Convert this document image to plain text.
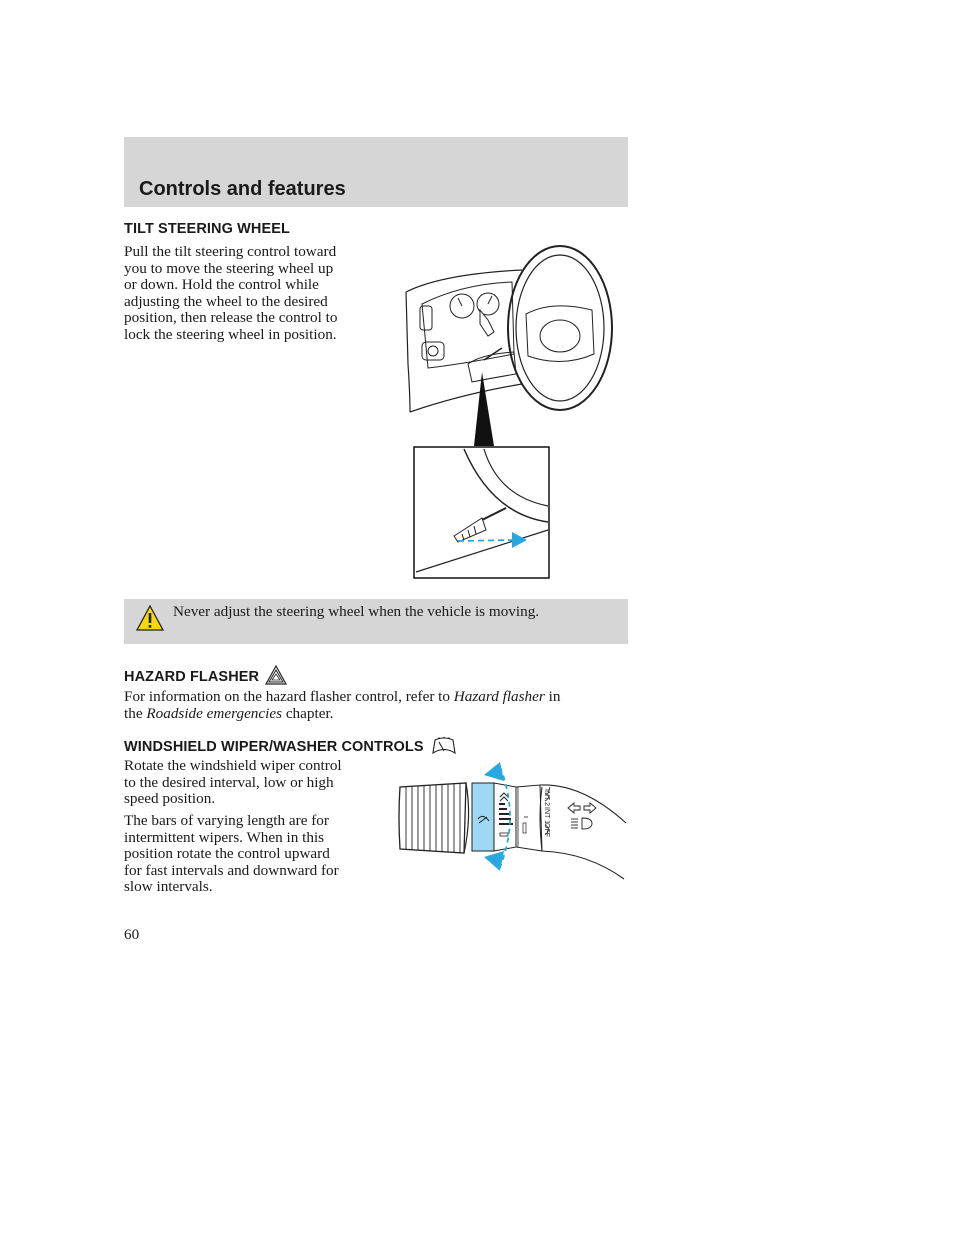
Controls and features
TILT STEERING WHEEL

Pull the tilt steering control toward

you to move the steering wheel up

or down. Hold the control while

adjusting the wheel to the desired

position, then release the control to

lock the steering wheel in position.

Never adjust the steering wheel when the vehicle is moving.
HAZARD FLASHER

For information on the hazard flasher control, refer to Hazard flasher in

the Roadside emergencies chapter.

WINDSHIELD WIPER/WASHER CONTROLS

Rotate the windshield wiper control

to the desired interval, low or high

speed position.

The bars of varying length are for

intermittent wipers. When in this

position rotate the control upward

for fast intervals and downward for

slow intervals.

INT 2
INT 1
OFF
60
